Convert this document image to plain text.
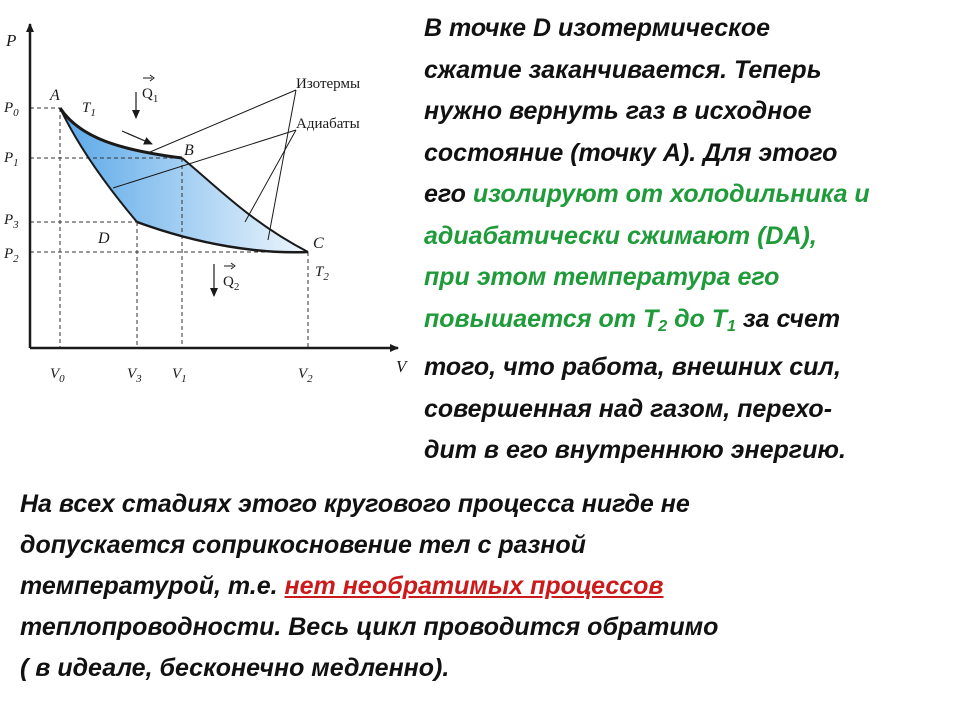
A
B
C
D
P
V
$P_0$
$P_1$
$P_3$
$P_2$
$V_0$	$V_3$ $V_1$	$V_2$
$T_1$
$T_2$
$Q_1$
$Q_2$
Изотермы
Адиабаты
В точке D изотермическое
сжатие заканчивается. Теперь
нужно вернуть газ в исходное
состояние (точку А). Для этого
его изолируют от холодильника и
адиабатически сжимают (DA),
при этом температура его
повышается от Т2 до Т1 за счет
того, что работа, внешних сил,
совершенная над газом, перехо-
дит в его внутреннюю энергию.
На всех стадиях этого кругового процесса нигде не
допускается соприкосновение тел с разной
температурой, т.е. нет необратимых процессов
теплопроводности. Весь цикл проводится обратимо
( в идеале, бесконечно медленно).
